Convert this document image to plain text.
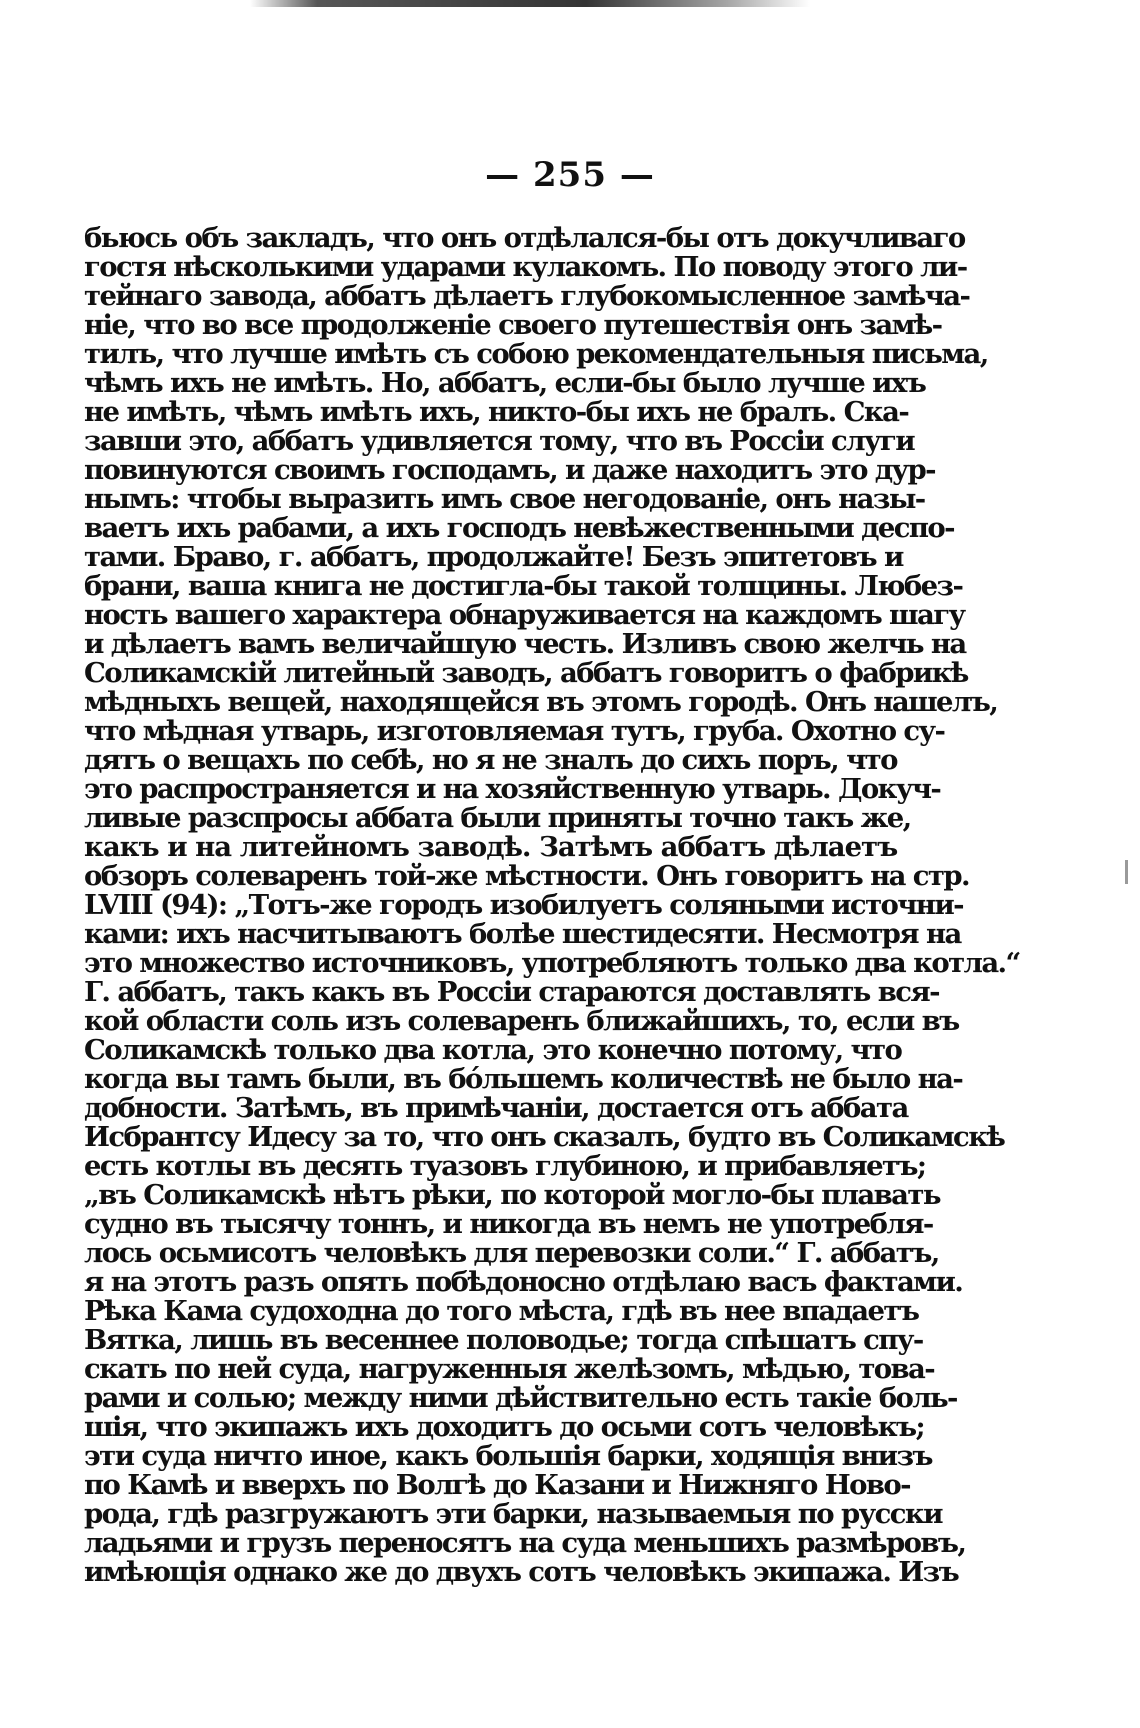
— 255 —
бьюсь объ закладъ, что онъ отдѣлался-бы отъ докучливаго
гостя нѣсколькими ударами кулакомъ. По поводу этого ли-
тейнаго завода, аббатъ дѣлаетъ глубокомысленное замѣча-
ніе, что во все продолженіе своего путешествія онъ замѣ-
тилъ, что лучше имѣть съ собою рекомендательныя письма,
чѣмъ ихъ не имѣть. Но, аббатъ, если-бы было лучше ихъ
не имѣть, чѣмъ имѣть ихъ, никто-бы ихъ не бралъ. Ска-
завши это, аббатъ удивляется тому, что въ Россіи слуги
повинуются своимъ господамъ, и даже находитъ это дур-
нымъ: чтобы выразить имъ свое негодованіе, онъ назы-
ваетъ ихъ рабами, а ихъ господъ невѣжественными деспо-
тами. Браво, г. аббатъ, продолжайте! Безъ эпитетовъ и
брани, ваша книга не достигла-бы такой толщины. Любез-
ность вашего характера обнаруживается на каждомъ шагу
и дѣлаетъ вамъ величайшую честь. Изливъ свою желчь на
Соликамскій литейный заводъ, аббатъ говоритъ о фабрикѣ
мѣдныхъ вещей, находящейся въ этомъ городѣ. Онъ нашелъ,
что мѣдная утварь, изготовляемая тутъ, груба. Охотно су-
дятъ о вещахъ по себѣ, но я не зналъ до сихъ поръ, что
это распространяется и на хозяйственную утварь. Докуч-
ливые разспросы аббата были приняты точно такъ же,
какъ и на литейномъ заводѣ. Затѣмъ аббатъ дѣлаетъ
обзоръ солеваренъ той-же мѣстности. Онъ говоритъ на стр.
LVIII (94): „Тотъ-же городъ изобилуетъ соляными источни-
ками: ихъ насчитываютъ болѣе шестидесяти. Несмотря на
это множество источниковъ, употребляютъ только два котла.“
Г. аббатъ, такъ какъ въ Россіи стараются доставлять вся-
кой области соль изъ солеваренъ ближайшихъ, то, если въ
Соликамскѣ только два котла, это конечно потому, что
когда вы тамъ были, въ бо́льшемъ количествѣ не было на-
добности. Затѣмъ, въ примѣчаніи, достается отъ аббата
Исбрантсу Идесу за то, что онъ сказалъ, будто въ Соликамскѣ
есть котлы въ десять туазовъ глубиною, и прибавляетъ;
„въ Соликамскѣ нѣтъ рѣки, по которой могло-бы плавать
судно въ тысячу тоннъ, и никогда въ немъ не употребля-
лось осьмисотъ человѣкъ для перевозки соли.“ Г. аббатъ,
я на этотъ разъ опять побѣдоносно отдѣлаю васъ фактами.
Рѣка Кама судоходна до того мѣста, гдѣ въ нее впадаетъ
Вятка, лишь въ весеннее половодье; тогда спѣшатъ спу-
скать по ней суда, нагруженныя желѣзомъ, мѣдью, това-
рами и солью; между ними дѣйствительно есть такіе боль-
шія, что экипажъ ихъ доходитъ до осьми сотъ человѣкъ;
эти суда ничто иное, какъ большія барки, ходящія внизъ
по Камѣ и вверхъ по Волгѣ до Казани и Нижняго Ново-
рода, гдѣ разгружаютъ эти барки, называемыя по русски
ладьями и грузъ переносятъ на суда меньшихъ размѣровъ,
имѣющія однако же до двухъ сотъ человѣкъ экипажа. Изъ
